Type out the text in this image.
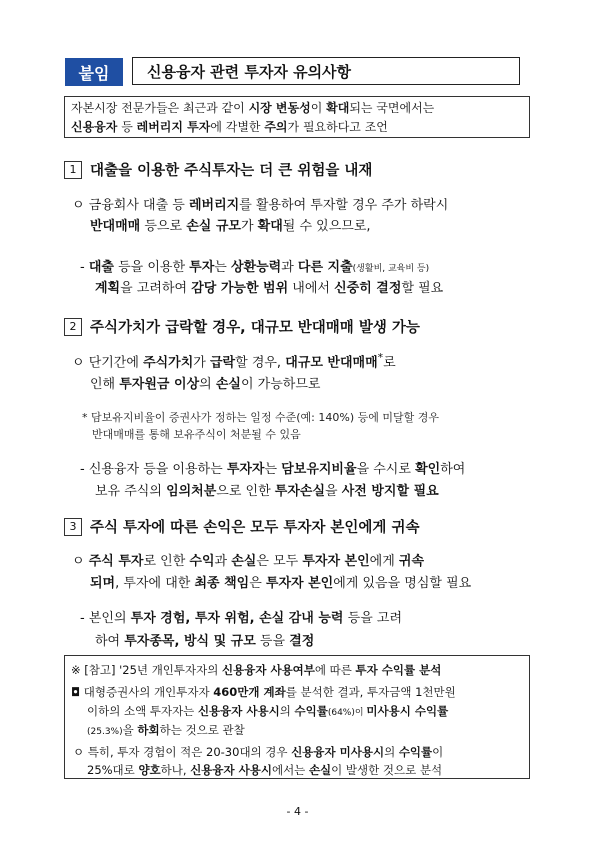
붙임	신용융자 관련 투자자 유의사항
자본시장 전문가들은 최근과 같이 시장 변동성이 확대되는 국면에서는
신용융자 등 레버리지 투자에 각별한 주의가 필요하다고 조언
1 대출을 이용한 주식투자는 더 큰 위험을 내재
ㅇ 금융회사 대출 등 레버리지를 활용하여 투자할 경우 주가 하락시
반대매매 등으로 손실 규모가 확대될 수 있으므로,
- 대출 등을 이용한 투자는 상환능력과 다른 지출(생활비, 교육비 등)
계획을 고려하여 감당 가능한 범위 내에서 신중히 결정할 필요
2 주식가치가 급락할 경우, 대규모 반대매매 발생 가능
ㅇ 단기간에 주식가치가 급락할 경우, 대규모 반대매매*로
인해 투자원금 이상의 손실이 가능하므로
* 담보유지비율이 증권사가 정하는 일정 수준(예: 140%) 등에 미달할 경우
반대매매를 통해 보유주식이 처분될 수 있음
- 신용융자 등을 이용하는 투자자는 담보유지비율을 수시로 확인하여
보유 주식의 임의처분으로 인한 투자손실을 사전 방지할 필요
3 주식 투자에 따른 손익은 모두 투자자 본인에게 귀속
ㅇ 주식 투자로 인한 수익과 손실은 모두 투자자 본인에게 귀속
되며, 투자에 대한 최종 책임은 투자자 본인에게 있음을 명심할 필요
- 본인의 투자 경험, 투자 위험, 손실 감내 능력 등을 고려
하여 투자종목, 방식 및 규모 등을 결정
※ [참고] '25년 개인투자자의 신용융자 사용여부에 따른 투자 수익률 분석
◘ 대형증권사의 개인투자자 460만개 계좌를 분석한 결과, 투자금액 1천만원
이하의 소액 투자자는 신용융자 사용시의 수익률(64%)이 미사용시 수익률
(25.3%)을 하회하는 것으로 관찰
ㅇ 특히, 투자 경험이 적은 20-30대의 경우 신용융자 미사용시의 수익률이
25%대로 양호하나, 신용융자 사용시에서는 손실이 발생한 것으로 분석
- 4 -
